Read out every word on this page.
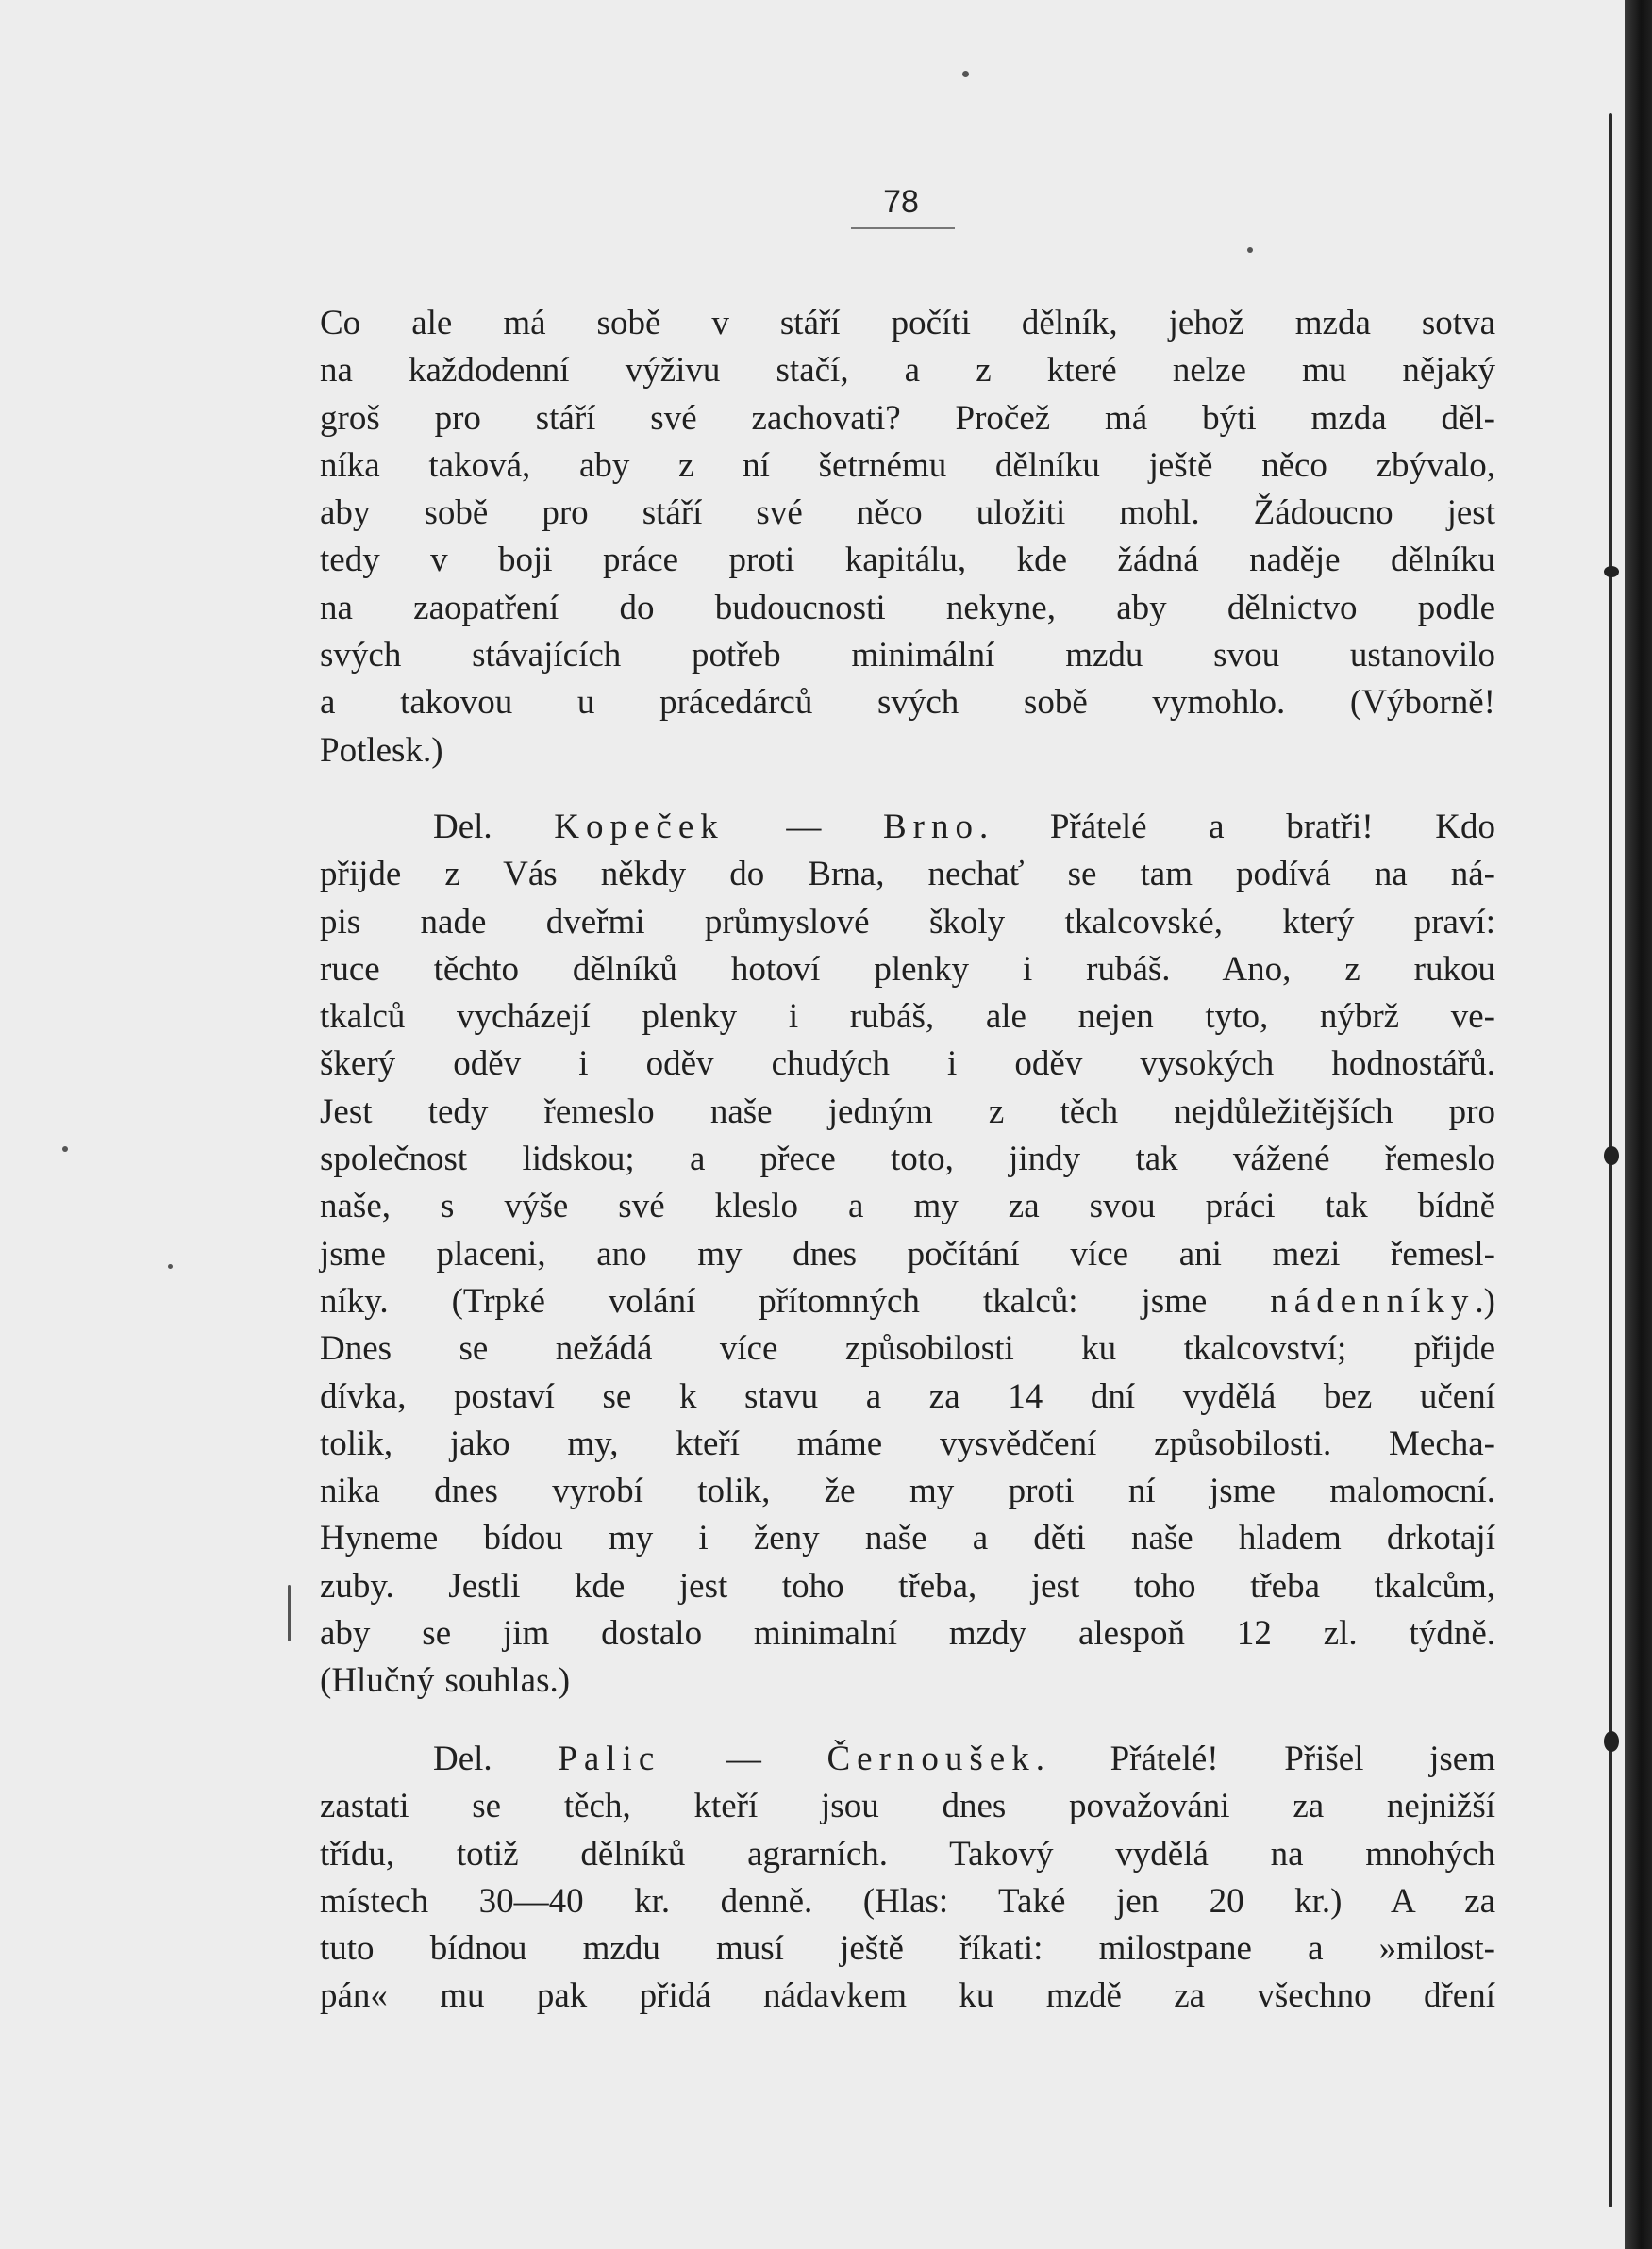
78
Co ale má sobě v stáří počíti dělník, jehož mzda sotva
na každodenní výživu stačí, a z které nelze mu nějaký
groš pro stáří své zachovati? Pročež má býti mzda děl-
níka taková, aby z ní šetrnému dělníku ještě něco zbývalo,
aby sobě pro stáří své něco uložiti mohl. Žádoucno jest
tedy v boji práce proti kapitálu, kde žádná naděje dělníku
na zaopatření do budoucnosti nekyne, aby dělnictvo podle
svých stávajících potřeb minimální mzdu svou ustanovilo
a takovou u prácedárců svých sobě vymohlo. (Výborně!
Potlesk.)
Del. Kopeček — Brno. Přátelé a bratři! Kdo
přijde z Vás někdy do Brna, nechať se tam podívá na ná-
pis nade dveřmi průmyslové školy tkalcovské, který praví:
ruce těchto dělníků hotoví plenky i rubáš. Ano, z rukou
tkalců vycházejí plenky i rubáš, ale nejen tyto, nýbrž ve-
škerý oděv i oděv chudých i oděv vysokých hodnostářů.
Jest tedy řemeslo naše jedným z těch nejdůležitějších pro
společnost lidskou; a přece toto, jindy tak vážené řemeslo
naše, s výše své kleslo a my za svou práci tak bídně
jsme placeni, ano my dnes počítání více ani mezi řemesl-
níky. (Trpké volání přítomných tkalců: jsme nádenníky.)
Dnes se nežádá více způsobilosti ku tkalcovství; přijde
dívka, postaví se k stavu a za 14 dní vydělá bez učení
tolik, jako my, kteří máme vysvědčení způsobilosti. Mecha-
nika dnes vyrobí tolik, že my proti ní jsme malomocní.
Hyneme bídou my i ženy naše a děti naše hladem drkotají
zuby. Jestli kde jest toho třeba, jest toho třeba tkalcům,
aby se jim dostalo minimalní mzdy alespoň 12 zl. týdně.
(Hlučný souhlas.)
Del. Palic — Černoušek. Přátelé! Přišel jsem
zastati se těch, kteří jsou dnes považováni za nejnižší
třídu, totiž dělníků agrarních. Takový vydělá na mnohých
místech 30—40 kr. denně. (Hlas: Také jen 20 kr.) A za
tuto bídnou mzdu musí ještě říkati: milostpane a »milost-
pán« mu pak přidá nádavkem ku mzdě za všechno dření
